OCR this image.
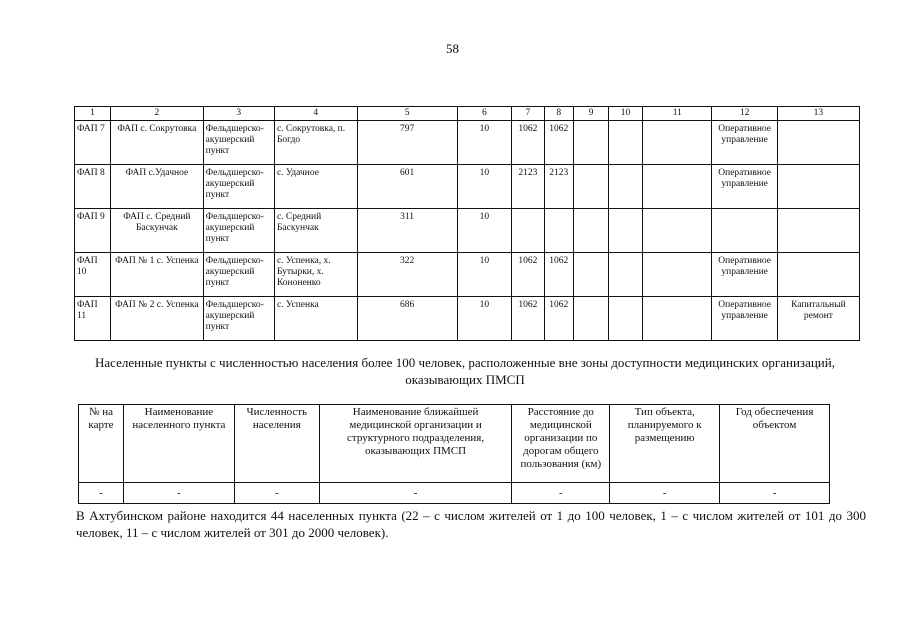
58
1	2	3	4	5	6	7	8	9	10	11	12	13
ФАП 7	ФАП с. Сокрутовка	Фельдшерско-акушерский пункт	с. Сокрутовка, п. Богдо	797	10	1062	1062				Оперативное управление	
ФАП 8	ФАП с.Удачное	Фельдшерско-акушерский пункт	с. Удачное	601	10	2123	2123				Оперативное управление	
ФАП 9	ФАП с. Средний Баскунчак	Фельдшерско-акушерский пункт	с. Средний Баскунчак	311	10							
ФАП 10	ФАП № 1 с. Успенка	Фельдшерско-акушерский пункт	с. Успенка, х. Бутырки, х. Кононенко	322	10	1062	1062				Оперативное управление	
ФАП 11	ФАП № 2 с. Успенка	Фельдшерско-акушерский пункт	с. Успенка	686	10	1062	1062				Оперативное управление	Капитальный ремонт
Населенные пункты с численностью населения более 100 человек, расположенные вне зоны доступности медицинских организаций, оказывающих ПМСП
№ на карте	Наименование населенного пункта	Численность населения	Наименование ближайшей медицинской организации и структурного подразделения, оказывающих ПМСП	Расстояние до медицинской организации по дорогам общего пользования (км)	Тип объекта, планируемого к размещению	Год обеспечения объектом
-	-	-	-	-	-	-
В Ахтубинском районе находится 44 населенных пункта (22 – с числом жителей от 1 до 100 человек, 1 – с числом жителей от 101 до 300 человек, 11 – с числом жителей от 301 до 2000 человек).
